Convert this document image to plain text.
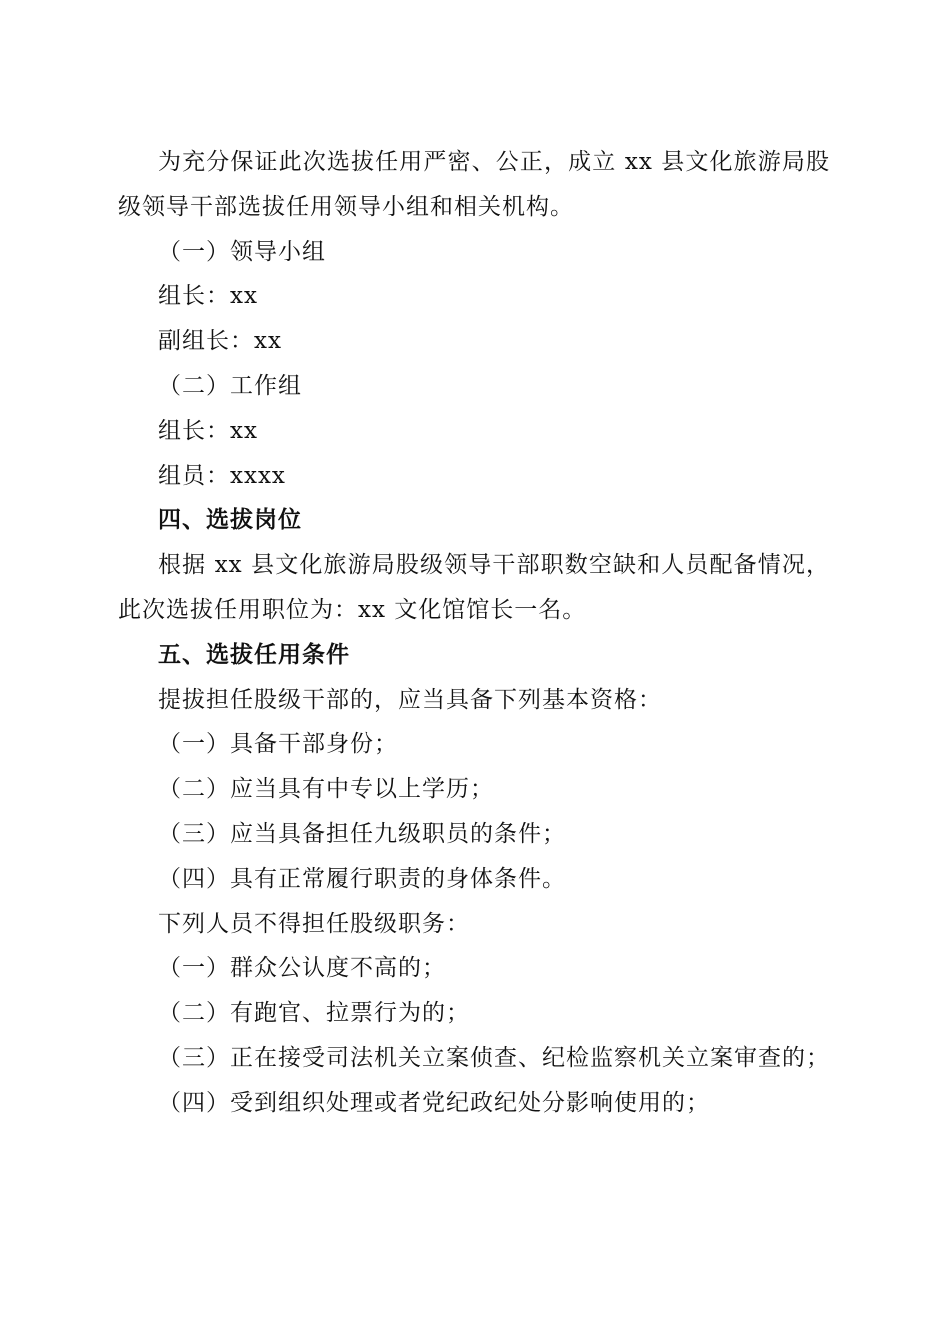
为充分保证此次选拔任用严密、公正，成立 xx 县文化旅游局股级领导干部选拔任用领导小组和相关机构。

（一）领导小组

组长：xx

副组长：xx

（二）工作组

组长：xx

组员：xxxx

四、选拔岗位

根据 xx 县文化旅游局股级领导干部职数空缺和人员配备情况，此次选拔任用职位为：xx 文化馆馆长一名。

五、选拔任用条件

提拔担任股级干部的，应当具备下列基本资格：

（一）具备干部身份；

（二）应当具有中专以上学历；

（三）应当具备担任九级职员的条件；

（四）具有正常履行职责的身体条件。

下列人员不得担任股级职务：

（一）群众公认度不高的；

（二）有跑官、拉票行为的；

（三）正在接受司法机关立案侦查、纪检监察机关立案审查的；

（四）受到组织处理或者党纪政纪处分影响使用的；
